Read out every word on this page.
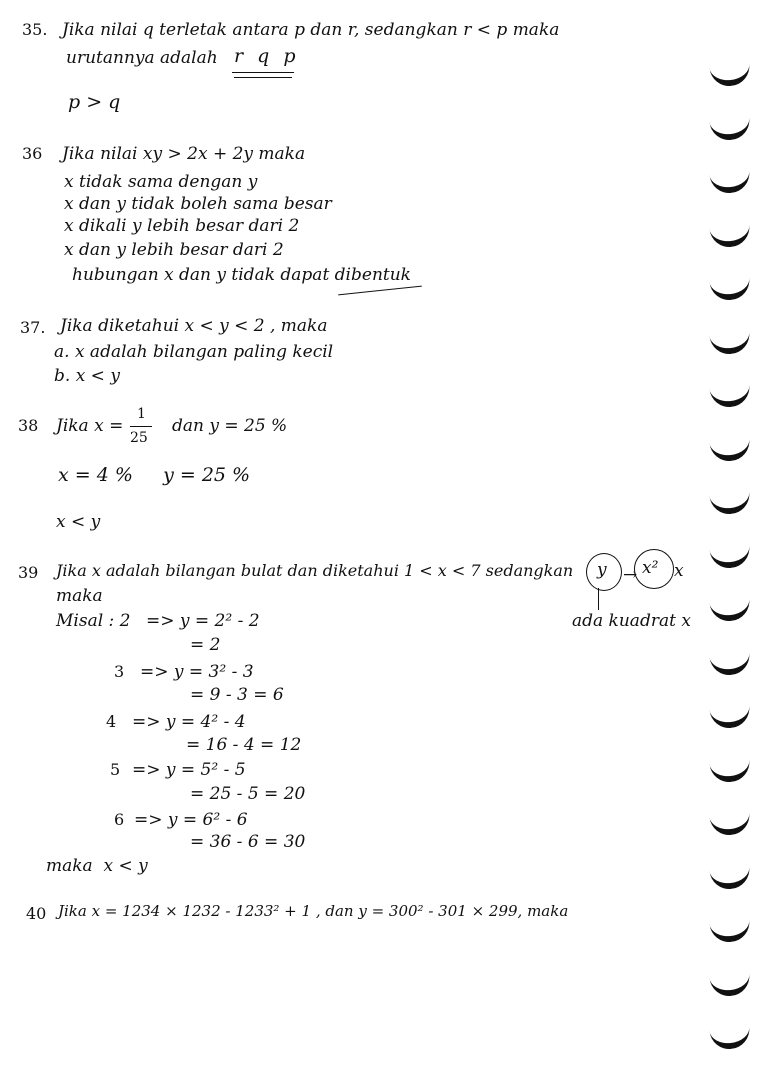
35. Jika nilai q terletak antara p dan r, sedangkan r < p maka
urutannya adalah r q p
p > q
36 Jika nilai xy > 2x + 2y maka
x tidak sama dengan y
x dan y tidak boleh sama besar
x dikali y lebih besar dari 2
x dan y lebih besar dari 2
hubungan x dan y tidak dapat dibentuk
37. Jika diketahui x < y < 2 , maka
a. x adalah bilangan paling kecil
b. x < y
38 Jika x =
1
25
dan y = 25 %
x = 4 %     y = 25 %
x < y
39 Jika x adalah bilangan bulat dan diketahui 1 < x < 7 sedangkan y → x² x
maka
ada kuadrat x
Misal : 2 => y = 2² - 2
= 2
3 => y = 3² - 3
= 9 - 3 = 6
4 => y = 4² - 4
= 16 - 4 = 12
5 => y = 5² - 5
= 25 - 5 = 20
6 => y = 6² - 6
= 36 - 6 = 30
maka  x < y
40 Jika x = 1234 × 1232 - 1233² + 1 , dan y = 300² - 301 × 299, maka
